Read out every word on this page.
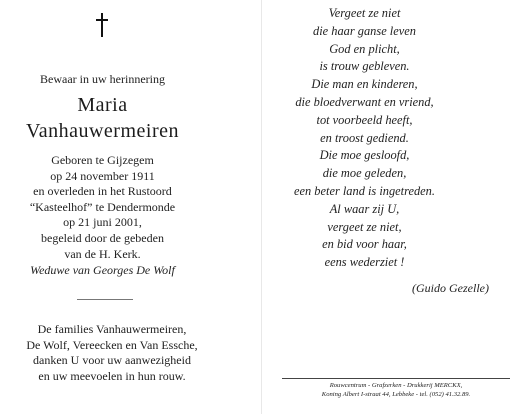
Bewaar in uw herinnering
Maria
Vanhauwermeiren
Geboren te Gijzegem
op 24 november 1911
en overleden in het Rustoord
“Kasteelhof” te Dendermonde
op 21 juni 2001,
begeleid door de gebeden
van de H. Kerk.
Weduwe van Georges De Wolf
De families Vanhauwermeiren,
De Wolf, Vereecken en Van Essche,
danken U voor uw aanwezigheid
en uw meevoelen in hun rouw.
Vergeet ze niet
die haar ganse leven
God en plicht,
is trouw gebleven.
Die man en kinderen,
die bloedverwant en vriend,
tot voorbeeld heeft,
en troost gediend.
Die moe gesloofd,
die moe geleden,
een beter land is ingetreden.
Al waar zij U,
vergeet ze niet,
en bid voor haar,
eens wederziet !
(Guido Gezelle)
Rouwcentrum - Grafzerken - Drukkerij MERCKX,
Koning Albert I-straat 44, Lebbeke - tel. (052) 41.32.89.
